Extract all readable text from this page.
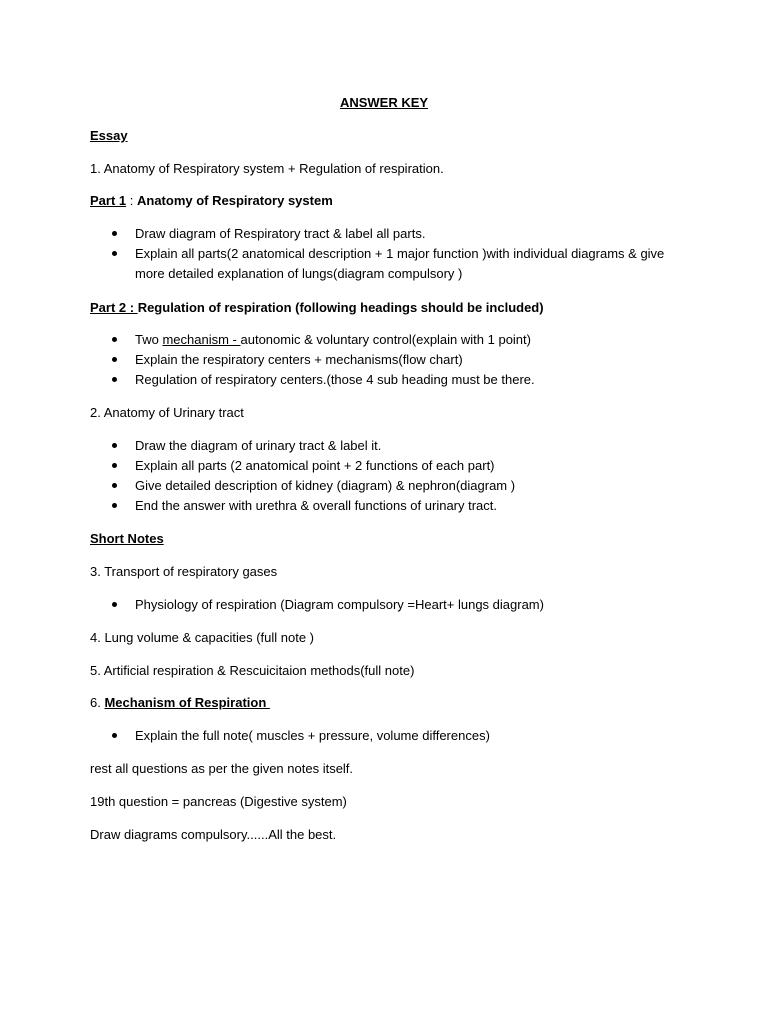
ANSWER KEY
Essay
1. Anatomy of Respiratory system + Regulation of respiration.
Part 1 : Anatomy of Respiratory system
Draw diagram of Respiratory tract & label all parts.
Explain all parts(2 anatomical description + 1 major function )with individual diagrams & give more detailed explanation of lungs(diagram compulsory )
Part 2 : Regulation of respiration (following headings should be included)
Two mechanism - autonomic & voluntary control(explain with 1 point)
Explain the respiratory centers + mechanisms(flow chart)
Regulation of respiratory centers.(those 4 sub heading must be there.
2. Anatomy of Urinary tract
Draw the diagram of urinary tract & label it.
Explain all parts (2 anatomical point + 2 functions of each part)
Give detailed description of kidney (diagram) & nephron(diagram )
End the answer with urethra & overall functions of urinary tract.
Short Notes
3. Transport of respiratory gases
Physiology of respiration (Diagram compulsory =Heart+ lungs diagram)
4. Lung volume & capacities (full note )
5. Artificial respiration & Rescuicitaion methods(full note)
6. Mechanism of Respiration
Explain the full note( muscles + pressure, volume differences)
rest all questions as per the given notes itself.
19th question = pancreas (Digestive system)
Draw diagrams compulsory......All the best.
